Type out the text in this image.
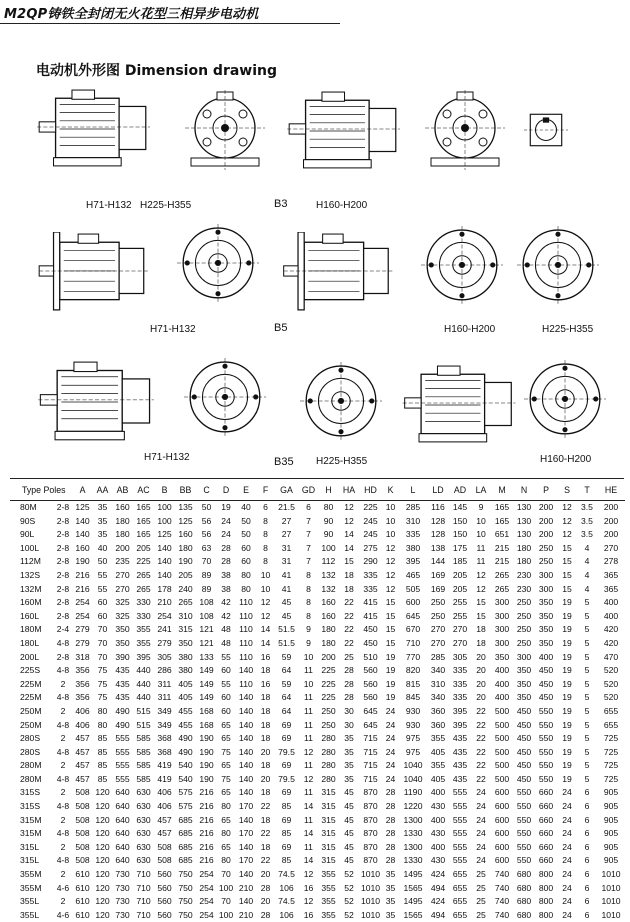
M2QP铸铁全封闭无火花型三相异步电动机
电动机外形图 Dimension drawing
H71-H132 H225-H355	B3	H160-H200
H71-H132	B5	H160-H200	H225-H355
H71-H132	B35 H225-H355	H160-H200
Type Poles		A	AA	AB	AC	B	BB	C	D	E	F	GA	GD	H	HA	HD	K	L	LD	AD	LA	M	N	P	S	T	HE
80M	2-8	125	35	160	165	100	135	50	19	40	6	21.5	6	80	12	225	10	285	116	145	9	165	130	200	12	3.5	200
90S	2-8	140	35	180	165	100	125	56	24	50	8	27	7	90	12	245	10	310	128	150	10	165	130	200	12	3.5	200
90L	2-8	140	35	180	165	125	160	56	24	50	8	27	7	90	14	245	10	335	128	150	10	651	130	200	12	3.5	200
100L	2-8	160	40	200	205	140	180	63	28	60	8	31	7	100	14	275	12	380	138	175	11	215	180	250	15	4	270
112M	2-8	190	50	235	225	140	190	70	28	60	8	31	7	112	15	290	12	395	144	185	11	215	180	250	15	4	278
132S	2-8	216	55	270	265	140	205	89	38	80	10	41	8	132	18	335	12	465	169	205	12	265	230	300	15	4	365
132M	2-8	216	55	270	265	178	240	89	38	80	10	41	8	132	18	335	12	505	169	205	12	265	230	300	15	4	365
160M	2-8	254	60	325	330	210	265	108	42	110	12	45	8	160	22	415	15	600	250	255	15	300	250	350	19	5	400
160L	2-8	254	60	325	330	254	310	108	42	110	12	45	8	160	22	415	15	645	250	255	15	300	250	350	19	5	400
180M	2-4	279	70	350	355	241	315	121	48	110	14	51.5	9	180	22	450	15	670	270	270	18	300	250	350	19	5	420
180L	4-8	279	70	350	355	279	350	121	48	110	14	51.5	9	180	22	450	15	710	270	270	18	300	250	350	19	5	420
200L	2-8	318	70	390	395	305	380	133	55	110	16	59	10	200	25	510	19	770	285	305	20	350	300	400	19	5	470
225S	4-8	356	75	435	440	286	380	149	60	140	18	64	11	225	28	560	19	820	340	335	20	400	350	450	19	5	520
225M	2	356	75	435	440	311	405	149	55	110	16	59	10	225	28	560	19	815	310	335	20	400	350	450	19	5	520
225M	4-8	356	75	435	440	311	405	149	60	140	18	64	11	225	28	560	19	845	340	335	20	400	350	450	19	5	520
250M	2	406	80	490	515	349	455	168	60	140	18	64	11	250	30	645	24	930	360	395	22	500	450	550	19	5	655
250M	4-8	406	80	490	515	349	455	168	65	140	18	69	11	250	30	645	24	930	360	395	22	500	450	550	19	5	655
280S	2	457	85	555	585	368	490	190	65	140	18	69	11	280	35	715	24	975	355	435	22	500	450	550	19	5	725
280S	4-8	457	85	555	585	368	490	190	75	140	20	79.5	12	280	35	715	24	975	405	435	22	500	450	550	19	5	725
280M	2	457	85	555	585	419	540	190	65	140	18	69	11	280	35	715	24	1040	355	435	22	500	450	550	19	5	725
280M	4-8	457	85	555	585	419	540	190	75	140	20	79.5	12	280	35	715	24	1040	405	435	22	500	450	550	19	5	725
315S	2	508	120	640	630	406	575	216	65	140	18	69	11	315	45	870	28	1190	400	555	24	600	550	660	24	6	905
315S	4-8	508	120	640	630	406	575	216	80	170	22	85	14	315	45	870	28	1220	430	555	24	600	550	660	24	6	905
315M	2	508	120	640	630	457	685	216	65	140	18	69	11	315	45	870	28	1300	400	555	24	600	550	660	24	6	905
315M	4-8	508	120	640	630	457	685	216	80	170	22	85	14	315	45	870	28	1330	430	555	24	600	550	660	24	6	905
315L	2	508	120	640	630	508	685	216	65	140	18	69	11	315	45	870	28	1300	400	555	24	600	550	660	24	6	905
315L	4-8	508	120	640	630	508	685	216	80	170	22	85	14	315	45	870	28	1330	430	555	24	600	550	660	24	6	905
355M	2	610	120	730	710	560	750	254	70	140	20	74.5	12	355	52	1010	35	1495	424	655	25	740	680	800	24	6	1010
355M	4-6	610	120	730	710	560	750	254	100	210	28	106	16	355	52	1010	35	1565	494	655	25	740	680	800	24	6	1010
355L	2	610	120	730	710	560	750	254	70	140	20	74.5	12	355	52	1010	35	1495	424	655	25	740	680	800	24	6	1010
355L	4-6	610	120	730	710	560	750	254	100	210	28	106	16	355	52	1010	35	1565	494	655	25	740	680	800	24	6	1010
